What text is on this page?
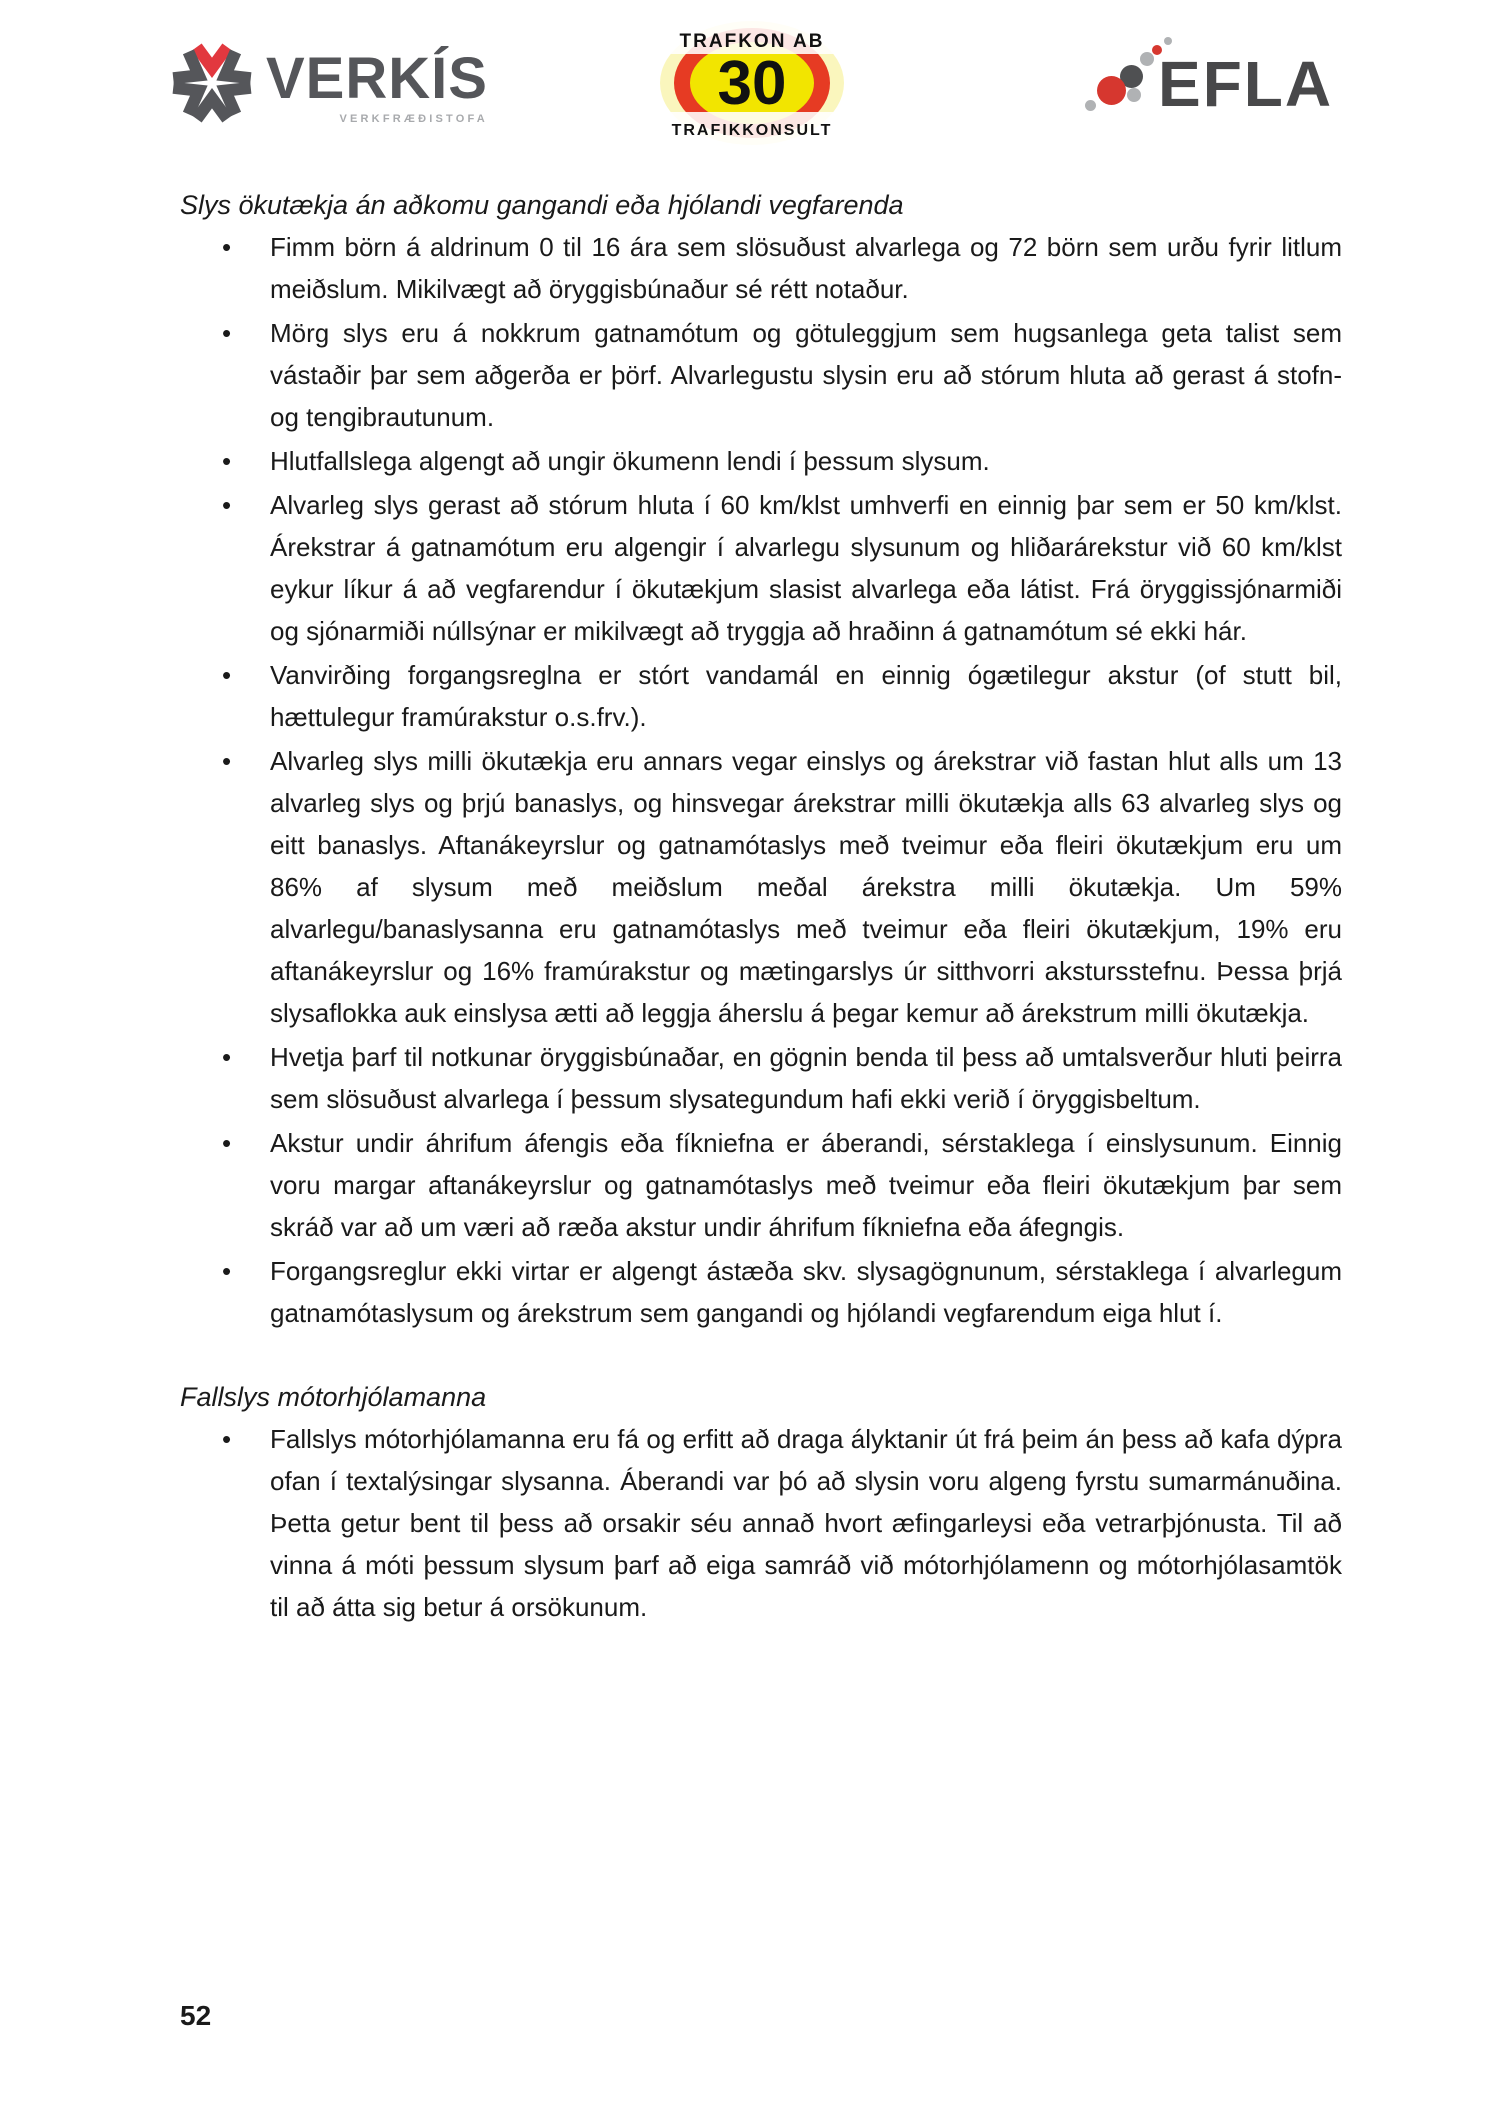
VERKÍS
VERKFRÆÐISTOFA
TRAFKON AB
30
TRAFIKKONSULT
EFLA
Slys ökutækja án aðkomu gangandi eða hjólandi vegfarenda
• Fimm börn á aldrinum 0 til 16 ára sem slösuðust alvarlega og 72 börn sem urðu fyrir litlum meiðslum. Mikilvægt að öryggisbúnaður sé rétt notaður.
• Mörg slys eru á nokkrum gatnamótum og götuleggjum sem hugsanlega geta talist sem vástaðir þar sem aðgerða er þörf. Alvarlegustu slysin eru að stórum hluta að gerast á stofn- og tengibrautunum.
• Hlutfallslega algengt að ungir ökumenn lendi í þessum slysum.
• Alvarleg slys gerast að stórum hluta í 60 km/klst umhverfi en einnig þar sem er 50 km/klst. Árekstrar á gatnamótum eru algengir í alvarlegu slysunum og hliðarárekstur við 60 km/klst eykur líkur á að vegfarendur í ökutækjum slasist alvarlega eða látist. Frá öryggissjónarmiði og sjónarmiði núllsýnar er mikilvægt að tryggja að hraðinn á gatnamótum sé ekki hár.
• Vanvirðing forgangsreglna er stórt vandamál en einnig ógætilegur akstur (of stutt bil, hættulegur framúrakstur o.s.frv.).
• Alvarleg slys milli ökutækja eru annars vegar einslys og árekstrar við fastan hlut alls um 13 alvarleg slys og þrjú banaslys, og hinsvegar árekstrar milli ökutækja alls 63 alvarleg slys og eitt banaslys. Aftanákeyrslur og gatnamótaslys með tveimur eða fleiri ökutækjum eru um 86% af slysum með meiðslum meðal árekstra milli ökutækja. Um 59% alvarlegu/banaslysanna eru gatnamótaslys með tveimur eða fleiri ökutækjum, 19% eru aftanákeyrslur og 16% framúrakstur og mætingarslys úr sitthvorri akstursstefnu. Þessa þrjá slysaflokka auk einslysa ætti að leggja áherslu á þegar kemur að árekstrum milli ökutækja.
• Hvetja þarf til notkunar öryggisbúnaðar, en gögnin benda til þess að umtalsverður hluti þeirra sem slösuðust alvarlega í þessum slysategundum hafi ekki verið í öryggisbeltum.
• Akstur undir áhrifum áfengis eða fíkniefna er áberandi, sérstaklega í einslysunum. Einnig voru margar aftanákeyrslur og gatnamótaslys með tveimur eða fleiri ökutækjum þar sem skráð var að um væri að ræða akstur undir áhrifum fíkniefna eða áfegngis.
• Forgangsreglur ekki virtar er algengt ástæða skv. slysagögnunum, sérstaklega í alvarlegum gatnamótaslysum og árekstrum sem gangandi og hjólandi vegfarendum eiga hlut í.
Fallslys mótorhjólamanna
• Fallslys mótorhjólamanna eru fá og erfitt að draga ályktanir út frá þeim án þess að kafa dýpra ofan í textalýsingar slysanna. Áberandi var þó að slysin voru algeng fyrstu sumarmánuðina. Þetta getur bent til þess að orsakir séu annað hvort æfingarleysi eða vetrarþjónusta. Til að vinna á móti þessum slysum þarf að eiga samráð við mótorhjólamenn og mótorhjólasamtök til að átta sig betur á orsökunum.
52
